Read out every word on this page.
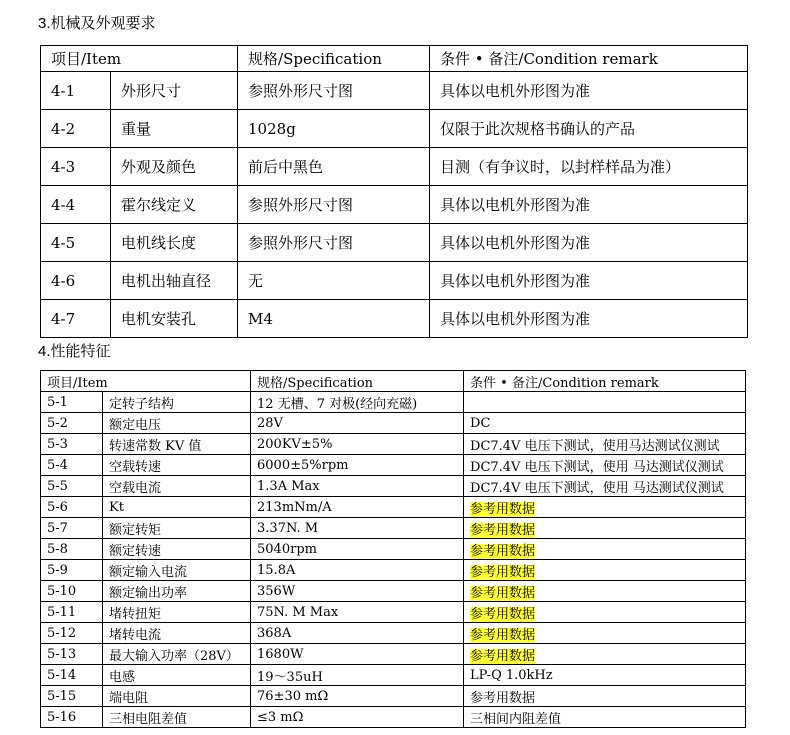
3.机械及外观要求
项目/Item		规格/Specification	条件 • 备注/Condition remark
4-1	外形尺寸	参照外形尺寸图	具体以电机外形图为准
4-2	重量	1028g	仅限于此次规格书确认的产品
4-3	外观及颜色	前后中黑色	目测（有争议时，以封样样品为准）
4-4	霍尔线定义	参照外形尺寸图	具体以电机外形图为准
4-5	电机线长度	参照外形尺寸图	具体以电机外形图为准
4-6	电机出轴直径	无	具体以电机外形图为准
4-7	电机安装孔	M4	具体以电机外形图为准
4.性能特征
项目/Item		规格/Specification	条件 • 备注/Condition remark
5-1	定转子结构	12 无槽、7 对极(经向充磁)	
5-2	额定电压	28V	DC
5-3	转速常数 KV 值	200KV±5%	DC7.4V 电压下测试，使用马达测试仪测试
5-4	空载转速	6000±5%rpm	DC7.4V 电压下测试，使用 马达测试仪测试
5-5	空载电流	1.3A Max	DC7.4V 电压下测试，使用 马达测试仪测试
5-6	Kt	213mNm/A	参考用数据
5-7	额定转矩	3.37N. M	参考用数据
5-8	额定转速	5040rpm	参考用数据
5-9	额定输入电流	15.8A	参考用数据
5-10	额定输出功率	356W	参考用数据
5-11	堵转扭矩	75N. M Max	参考用数据
5-12	堵转电流	368A	参考用数据
5-13	最大输入功率（28V）	1680W	参考用数据
5-14	电感	19～35uH	LP-Q 1.0kHz
5-15	端电阻	76±30 mΩ	参考用数据
5-16	三相电阻差值	≤3 mΩ	三相间内阻差值
